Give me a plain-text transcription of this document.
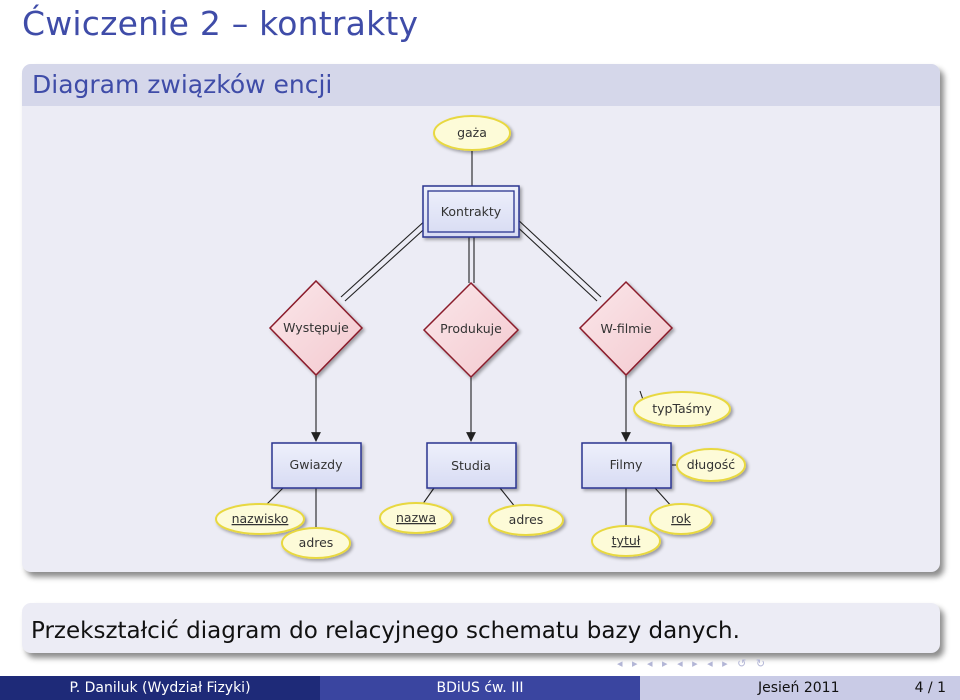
Ćwiczenie 2 – kontrakty
Diagram związków encji
gaża
typTaśmy
długość
nazwisko
adres
nazwa	adres
tytuł
rok
Występuje	Produkuje	W-filmie
Kontrakty
Gwiazdy	Studia	Filmy
Przekształcić diagram do relacyjnego schematu bazy danych.
◂ ▸ ◂ ▸ ◂ ▸ ◂ ▸ ↺ ↻
P. Daniluk (Wydział Fizyki)	BDiUS ćw. III	Jesień 2011	4 / 1
